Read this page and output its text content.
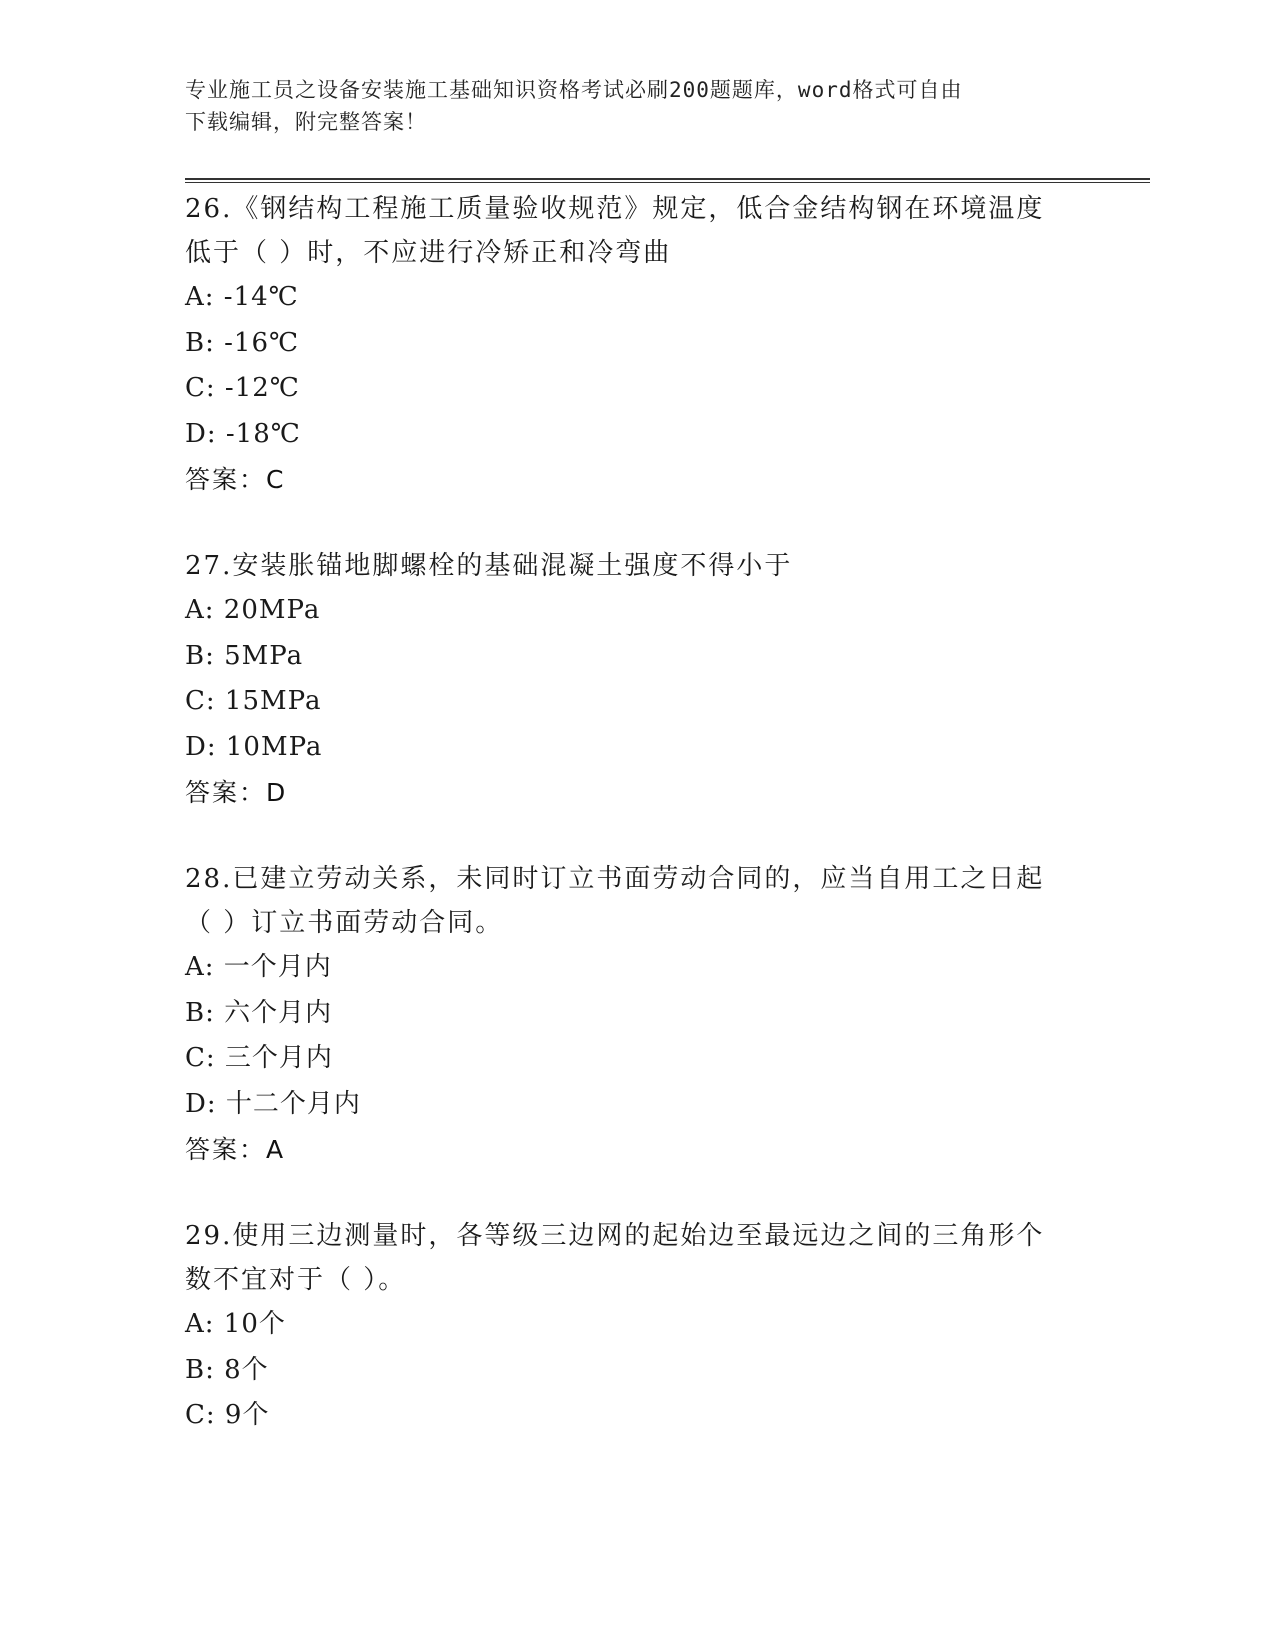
专业施工员之设备安装施工基础知识资格考试必刷200题题库，word格式可自由
下载编辑，附完整答案！

26.《钢结构工程施工质量验收规范》规定，低合金结构钢在环境温度

低于（ ）时，不应进行冷矫正和冷弯曲

A: -14℃

B: -16℃

C: -12℃

D: -18℃

答案：C

27.安装胀锚地脚螺栓的基础混凝土强度不得小于

A: 20MPa

B: 5MPa

C: 15MPa

D: 10MPa

答案：D

28.已建立劳动关系，未同时订立书面劳动合同的，应当自用工之日起

（ ）订立书面劳动合同。

A: 一个月内

B: 六个月内

C: 三个月内

D: 十二个月内

答案：A

29.使用三边测量时，各等级三边网的起始边至最远边之间的三角形个

数不宜对于（ ）。

A: 10个

B: 8个

C: 9个
